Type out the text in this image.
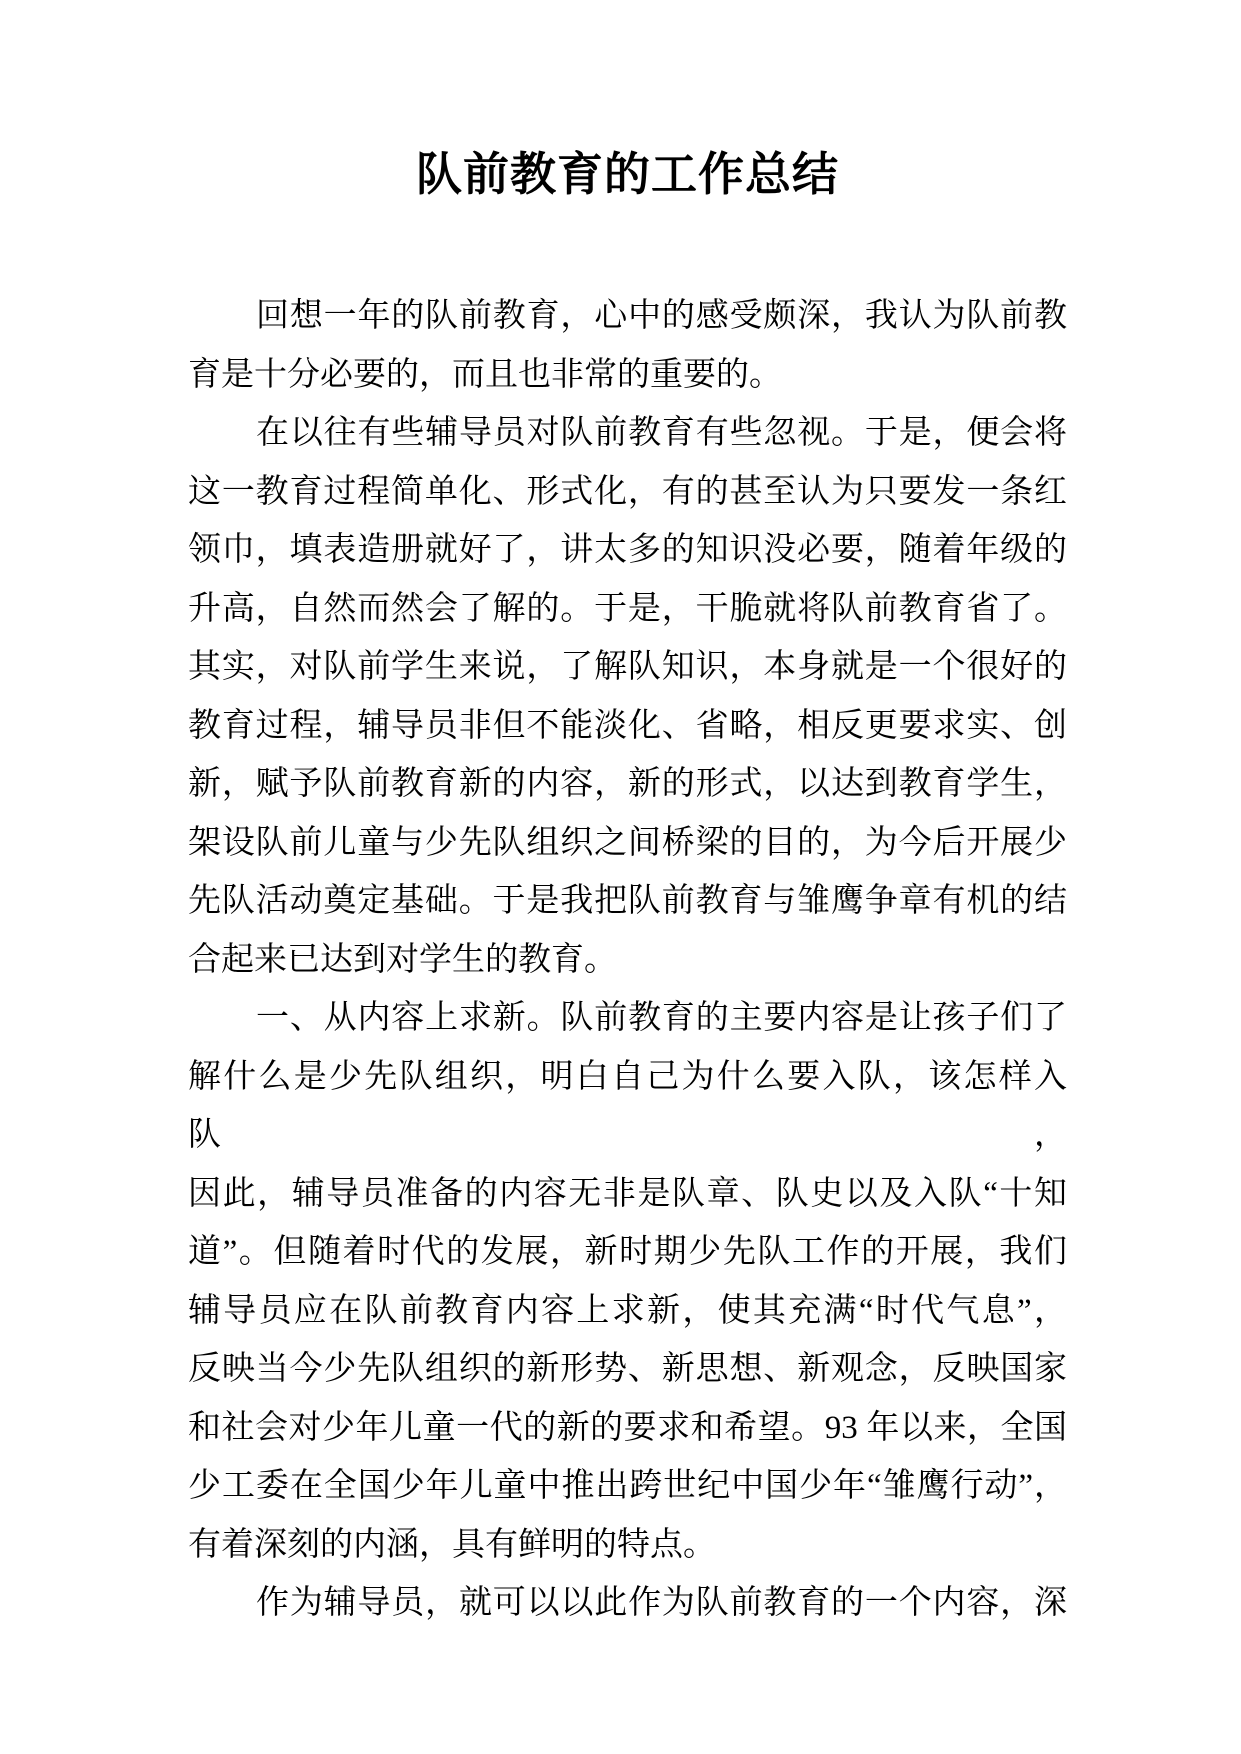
队前教育的工作总结
回想一年的队前教育，心中的感受颇深，我认为队前教
育是十分必要的，而且也非常的重要的。
在以往有些辅导员对队前教育有些忽视。于是，便会将
这一教育过程简单化、形式化，有的甚至认为只要发一条红
领巾，填表造册就好了，讲太多的知识没必要，随着年级的
升高，自然而然会了解的。于是，干脆就将队前教育省了。
其实，对队前学生来说，了解队知识，本身就是一个很好的
教育过程，辅导员非但不能淡化、省略，相反更要求实、创
新，赋予队前教育新的内容，新的形式，以达到教育学生，
架设队前儿童与少先队组织之间桥梁的目的，为今后开展少
先队活动奠定基础。于是我把队前教育与雏鹰争章有机的结
合起来已达到对学生的教育。
一、从内容上求新。队前教育的主要内容是让孩子们了
解什么是少先队组织，明白自己为什么要入队，该怎样入队，
因此，辅导员准备的内容无非是队章、队史以及入队“十知
道”。但随着时代的发展，新时期少先队工作的开展，我们
辅导员应在队前教育内容上求新，使其充满“时代气息”，
反映当今少先队组织的新形势、新思想、新观念，反映国家
和社会对少年儿童一代的新的要求和希望。93 年以来，全国
少工委在全国少年儿童中推出跨世纪中国少年“雏鹰行动”，
有着深刻的内涵，具有鲜明的特点。
作为辅导员，就可以以此作为队前教育的一个内容，深
